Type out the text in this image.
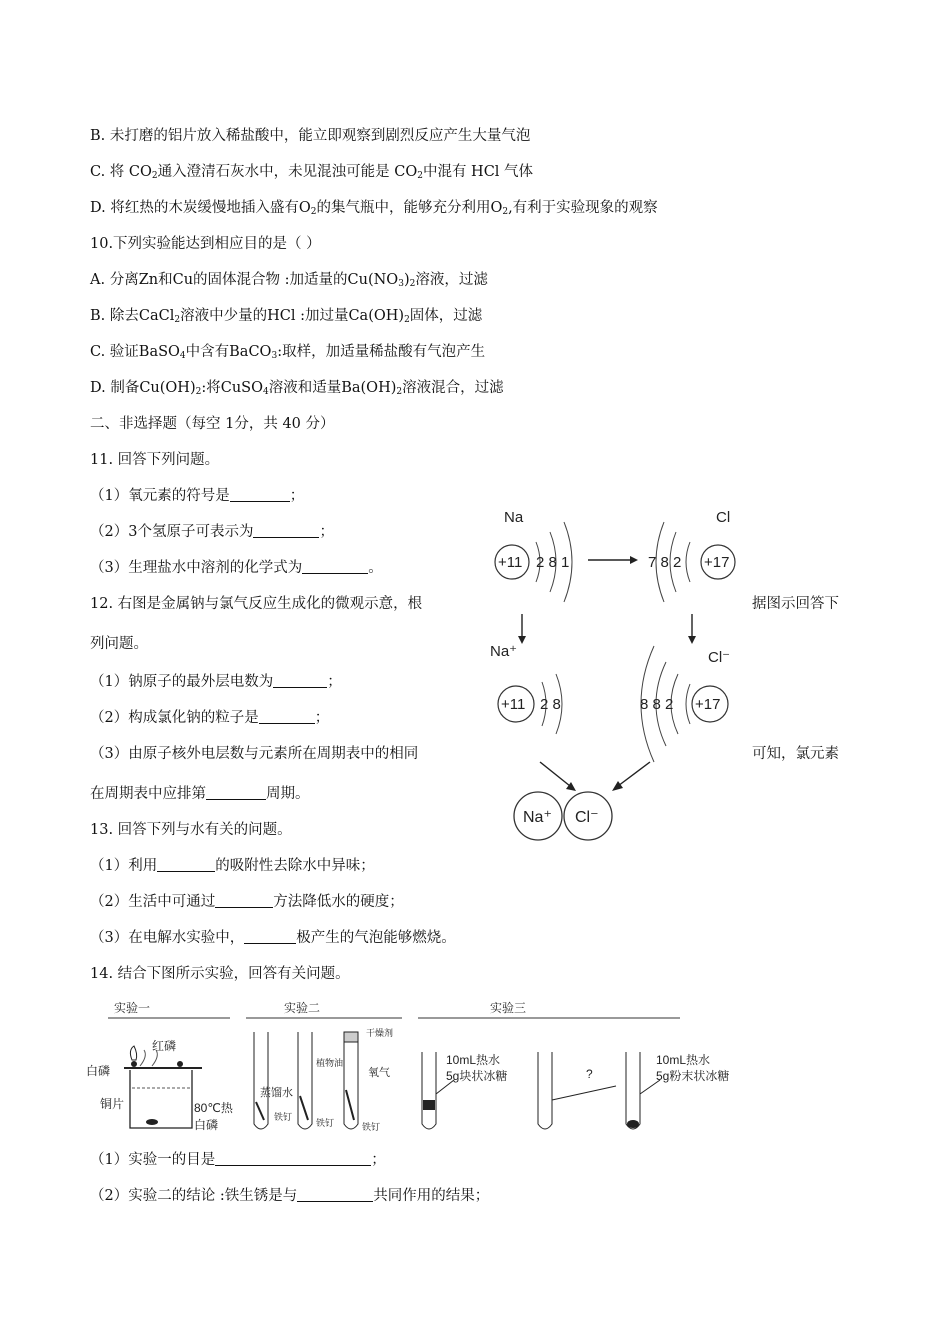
B. 未打磨的铝片放入稀盐酸中，能立即观察到剧烈反应产生大量气泡
C. 将 $CO_2$通入澄清石灰水中，未见混浊可能是 $CO_2$中混有 HCl 气体
D. 将红热的木炭缓慢地插入盛有$O_2$的集气瓶中，能够充分利用$O_2$,有利于实验现象的观察
10.下列实验能达到相应目的是（ ）
A. 分离Zn和Cu的固体混合物 :加适量的$Cu(NO_3)_2$溶液，过滤
B. 除去CaCl$_2$溶液中少量的HCl :加过量$Ca(OH)_2$固体，过滤
C. 验证BaSO$_4$中含有BaCO$_3$:取样，加适量稀盐酸有气泡产生
D. 制备$Cu(OH)_2$:将CuSO$_4$溶液和适量$Ba(OH)_2$溶液混合，过滤
二、非选择题（每空 1分，共 40 分）
11. 回答下列问题。
（1）氧元素的符号是	；
（2）3个氢原子可表示为	；
（3）生理盐水中溶剂的化学式为	。
12. 右图是金属钠与氯气反应生成化的微观示意，根	据图示回答下
列问题。
（1）钠原子的最外层电数为	；
（2）构成氯化钠的粒子是	；
（3）由原子核外电层数与元素所在周期表中的相同	可知，氯元素
在周期表中应排第	周期。
13. 回答下列与水有关的问题。
（1）利用	的吸附性去除水中异味；
（2）生活中可通过	方法降低水的硬度；
（3）在电解水实验中，	极产生的气泡能够燃烧。
14. 结合下图所示实验，回答有关问题。
Na	Cl
+11 2 8 1	7 8 2 +17
Na⁺	Cl⁻
+11 2 8	8 8 2 +17
Na⁺ Cl⁻
实验一	实验二	实验三
白磷
红磷
铜片	80℃热
白磷
蒸馏水
植物油
铁钉
铁钉	铁钉
干燥剂
氧气
10mL热水
5g块状冰糖	?
10mL热水
5g粉末状冰糖
（1）实验一的目是	；
（2）实验二的结论 :铁生锈是与	共同作用的结果；
